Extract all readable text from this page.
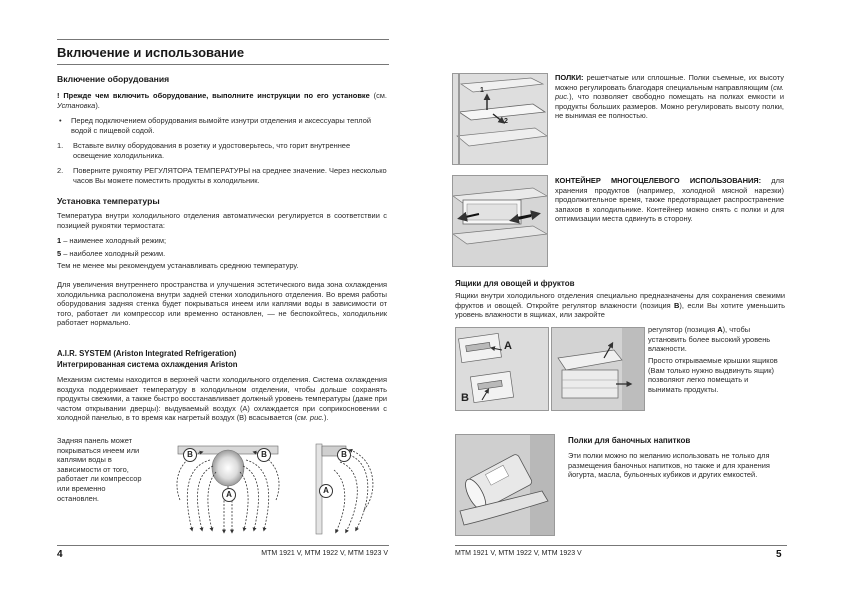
Включение и использование
Включение оборудования
! Прежде чем включить оборудование, выполните инструкции по его установке (см. Установка).
• Перед подключением оборудования вымойте изнутри отделения и аксессуары теплой водой с пищевой содой.
1. Вставьте вилку оборудования в розетку и удостоверьтесь, что горит внутреннее освещение холодильника.
2. Поверните рукоятку РЕГУЛЯТОРА ТЕМПЕРАТУРЫ на среднее значение. Через несколько часов Вы можете поместить продукты в холодильник.
Установка температуры
Температура внутри холодильного отделения автоматически регулируется в соответствии с позицией рукоятки термостата:
1 – наименее холодный режим;
5 – наиболее холодный режим.
Тем не менее мы рекомендуем устанавливать среднюю температуру.
Для увеличения внутреннего пространства и улучшения эстетического вида зона охлаждения холодильника расположена внутри задней стенки холодильного отделения. Во время работы оборудования задняя стенка будет покрываться инеем или каплями воды в зависимости от того, работает ли компрессор или временно остановлен, — не беспокойтесь, холодильник работает нормально.
A.I.R. SYSTEM (Ariston Integrated Refrigeration)
Интегрированная система охлаждения Ariston
Механизм системы находится в верхней части холодильного отделения. Система охлаждения воздуха поддерживает температуру в холодильном отделении, чтобы дольше сохранять продукты свежими, а также быстро восстанавливает должный уровень температуры (даже при частом открывании дверцы): выдуваемый воздух (А) охлаждается при соприкосновении с холодной панелью, в то время как нагретый воздух (В) всасывается (см. рис.).
Задняя панель может покрываться инеем или каплями воды в зависимости от того, работает ли компрессор или временно остановлен.
B	B
A
B
A
4	MTM 1921 V, MTM 1922 V, MTM 1923 V
1
2
ПОЛКИ: решетчатые или сплошные. Полки съемные, их высоту можно регулировать благодаря специальным направляющим (см. рис.), что позволяет свободно помещать на полках емкости и продукты больших размеров. Можно регулировать высоту полки, не вынимая ее полностью.
КОНТЕЙНЕР МНОГОЦЕЛЕВОГО ИСПОЛЬЗОВАНИЯ: для хранения продуктов (например, холодной мясной нарезки) продолжительное время, также предотвращает распространение запахов в холодильнике. Контейнер можно снять с полки и для оптимизации места сдвинуть в сторону.
Ящики для овощей и фруктов
Ящики внутри холодильного отделения специально предназначены для сохранения свежими фруктов и овощей. Откройте регулятор влажности (позиция B), если Вы хотите уменьшить уровень влажности в ящиках, или закройте
A
B
регулятор (позиция A), чтобы установить более высокий уровень влажности.
Просто открываемые крышки ящиков (Вам только нужно выдвинуть ящик) позволяют легко помещать и вынимать продукты.
Полки для баночных напитков
Эти полки можно по желанию использовать не только для размещения баночных напитков, но также и для хранения йогурта, масла, бульонных кубиков и других емкостей.
MTM 1921 V, MTM 1922 V, MTM 1923 V	5
